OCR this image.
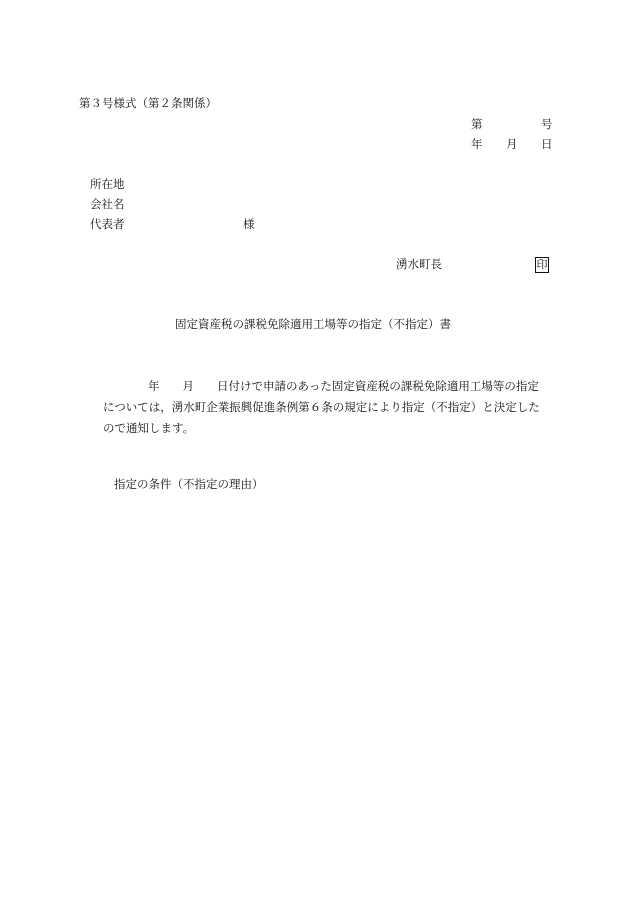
第３号様式（第２条関係）
第	号
年 月 日
所在地
会社名
代表者	様
湧水町長	印
固定資産税の課税免除適用工場等の指定（不指定）書
年 月 日付けで申請のあった固定資産税の課税免除適用工場等の指定
については，湧水町企業振興促進条例第６条の規定により指定（不指定）と決定した
ので通知します。
指定の条件（不指定の理由）
